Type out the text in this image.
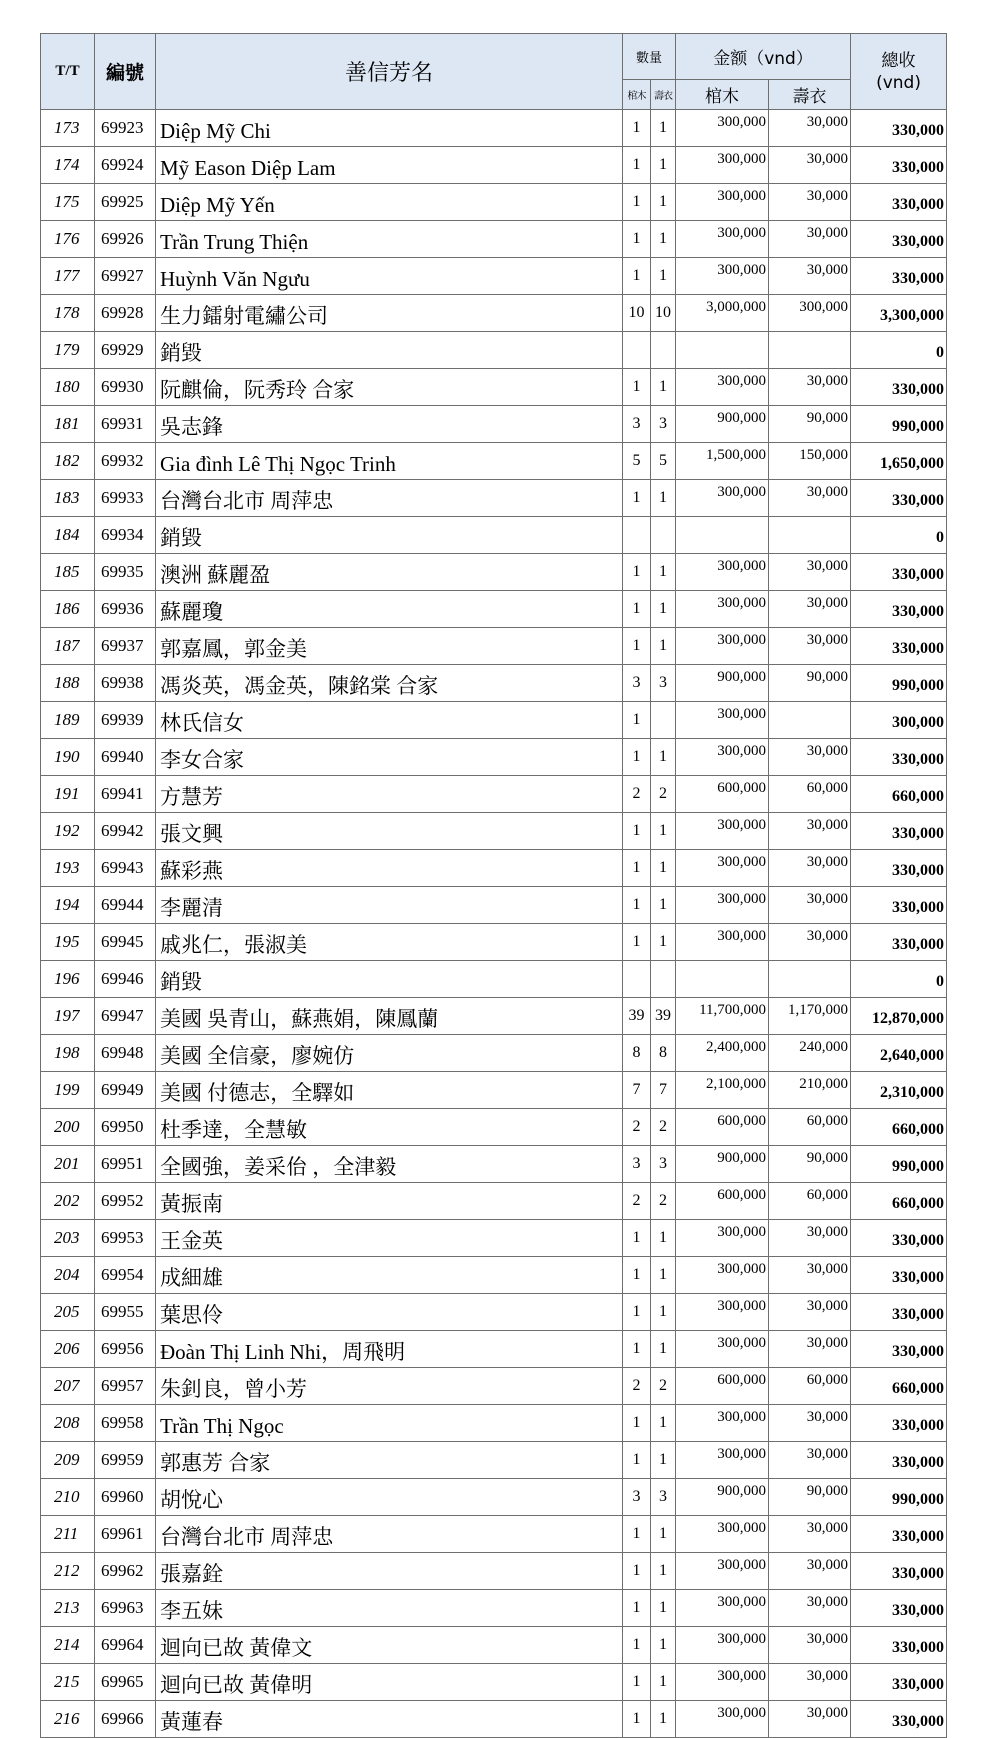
T/T	編號	善信芳名	數量		金额（vnd）		總收
(vnd)

			棺木	壽衣	棺木	壽衣	
173	69923	Diệp Mỹ Chi	1	1	300,000	30,000	330,000
174	69924	Mỹ Eason Diệp Lam	1	1	300,000	30,000	330,000
175	69925	Diệp Mỹ Yến	1	1	300,000	30,000	330,000
176	69926	Trần Trung Thiện	1	1	300,000	30,000	330,000
177	69927	Huỳnh Văn Ngưu	1	1	300,000	30,000	330,000
178	69928	生力鐳射電繡公司	10	10	3,000,000	300,000	3,300,000
179	69929	銷毀					0
180	69930	阮麒倫，阮秀玲 合家	1	1	300,000	30,000	330,000
181	69931	吳志鋒	3	3	900,000	90,000	990,000
182	69932	Gia đình Lê Thị Ngọc Trinh	5	5	1,500,000	150,000	1,650,000
183	69933	台灣台北市 周萍忠	1	1	300,000	30,000	330,000
184	69934	銷毀					0
185	69935	澳洲 蘇麗盈	1	1	300,000	30,000	330,000
186	69936	蘇麗瓊	1	1	300,000	30,000	330,000
187	69937	郭嘉鳳，郭金美	1	1	300,000	30,000	330,000
188	69938	馮炎英，馮金英，陳銘棠 合家	3	3	900,000	90,000	990,000
189	69939	林氏信女	1		300,000		300,000
190	69940	李女合家	1	1	300,000	30,000	330,000
191	69941	方慧芳	2	2	600,000	60,000	660,000
192	69942	張文興	1	1	300,000	30,000	330,000
193	69943	蘇彩燕	1	1	300,000	30,000	330,000
194	69944	李麗清	1	1	300,000	30,000	330,000
195	69945	戚兆仁，張淑美	1	1	300,000	30,000	330,000
196	69946	銷毀					0
197	69947	美國 吳青山，蘇燕娟，陳鳳蘭	39	39	11,700,000	1,170,000	12,870,000
198	69948	美國 全信豪，廖婉仿	8	8	2,400,000	240,000	2,640,000
199	69949	美國 付德志，全驛如	7	7	2,100,000	210,000	2,310,000
200	69950	杜季達，全慧敏	2	2	600,000	60,000	660,000
201	69951	全國強，姜采佁 ，全津毅	3	3	900,000	90,000	990,000
202	69952	黃振南	2	2	600,000	60,000	660,000
203	69953	王金英	1	1	300,000	30,000	330,000
204	69954	成細雄	1	1	300,000	30,000	330,000
205	69955	葉思伶	1	1	300,000	30,000	330,000
206	69956	Đoàn Thị Linh Nhi，周飛明	1	1	300,000	30,000	330,000
207	69957	朱釗良，曾小芳	2	2	600,000	60,000	660,000
208	69958	Trần Thị Ngọc	1	1	300,000	30,000	330,000
209	69959	郭惠芳 合家	1	1	300,000	30,000	330,000
210	69960	胡悅心	3	3	900,000	90,000	990,000
211	69961	台灣台北市 周萍忠	1	1	300,000	30,000	330,000
212	69962	張嘉銓	1	1	300,000	30,000	330,000
213	69963	李五妹	1	1	300,000	30,000	330,000
214	69964	迴向已故 黃偉文	1	1	300,000	30,000	330,000
215	69965	迴向已故 黃偉明	1	1	300,000	30,000	330,000
216	69966	黃蓮春	1	1	300,000	30,000	330,000
